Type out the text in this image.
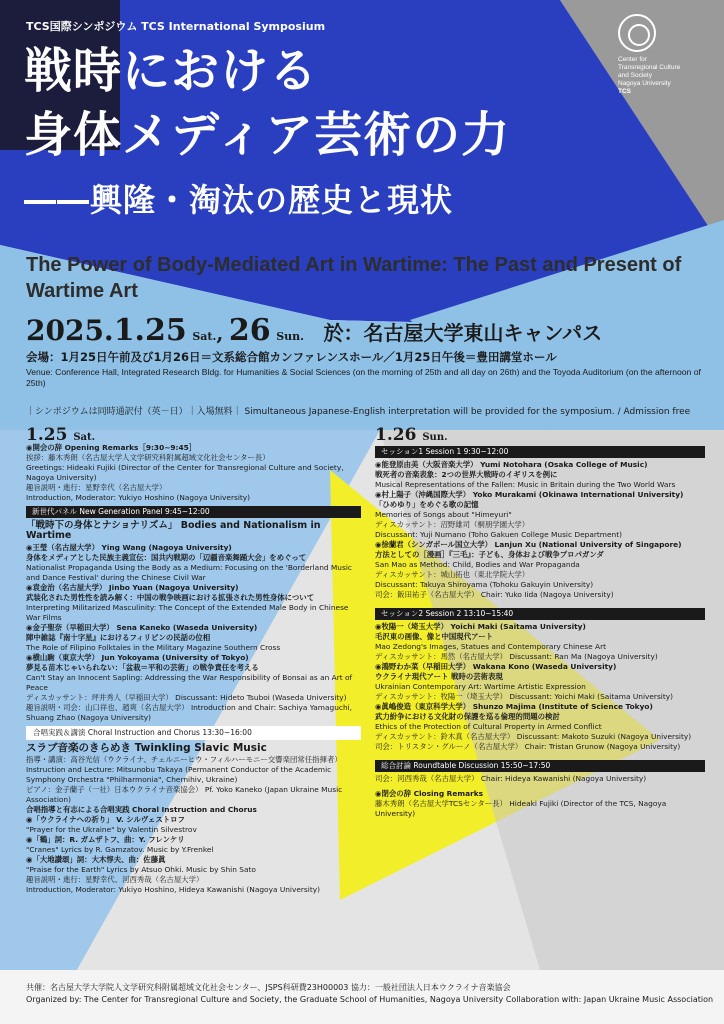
Center for
Transregional Culture
and Society
Nagoya University
TCS
TCS国際シンポジウム TCS International Symposium
戦時における
身体メディア芸術の力
――興隆・淘汰の歴史と現状
The Power of Body-Mediated Art in Wartime: The Past and Present of Wartime Art
2025.1.25 Sat., 26 Sun. 於：名古屋大学東山キャンパス
会場：1月25日午前及び1月26日＝文系総合館カンファレンスホール／1月25日午後＝豊田講堂ホール
Venue: Conference Hall, Integrated Research Bldg. for Humanities & Social Sciences (on the morning of 25th and all day on 26th) and the Toyoda Auditorium (on the afternoon of 25th)
｜シンポジウムは同時通訳付（英－日）｜入場無料｜ Simultaneous Japanese-English interpretation will be provided for the symposium. / Admission free
1.25 Sat.

◉開会の辞 Opening Remarks［9:30~9:45］

挨拶：藤木秀朗（名古屋大学人文学研究科附属超域文化社会センター長）

Greetings: Hideaki Fujiki (Director of the Center for Transregional Culture and Society, Nagoya University)

趣旨説明・進行：星野幸代（名古屋大学）

Introduction, Moderator: Yukiyo Hoshino (Nagoya University)

新世代パネル New Generation Panel 9:45~12:00
「戦時下の身体とナショナリズム」 Bodies and Nationalism in Wartime

◉王瑩（名古屋大学） Ying Wang (Nagoya University)

身体をメディアとした民族主義宣伝：国共内戦期の「辺疆音楽舞踊大会」をめぐって

Nationalist Propaganda Using the Body as a Medium: Focusing on the 'Borderland Music and Dance Festival' during the Chinese Civil War

◉袁金治（名古屋大学） Jinbo Yuan (Nagoya University)

武装化された男性性を読み解く：中国の戦争映画における拡張された男性身体について

Interpreting Militarized Masculinity: The Concept of the Extended Male Body in Chinese War Films

◉金子聖奈（早稲田大学） Sena Kaneko (Waseda University)

陣中雑誌『南十字星』におけるフィリピンの民話の位相

The Role of Filipino Folktales in the Military Magazine Southern Cross

◉横山駒（東京大学） Jun Yokoyama (University of Tokyo)

夢見る苗木じゃいられない：「盆栽＝平和の芸術」の戦争責任を考える

Can't Stay an Innocent Sapling: Addressing the War Responsibility of Bonsai as an Art of Peace

ディスカッサント：坪井秀人（早稲田大学） Discussant: Hideto Tsuboi (Waseda University)

趣旨説明・司会：山口祥也、趙爽（名古屋大学） Introduction and Chair: Sachiya Yamaguchi, Shuang Zhao (Nagoya University)

合唱実践＆講演 Choral Instruction and Chorus 13:30~16:00
スラブ音楽のきらめき Twinkling Slavic Music

指導・講演：高谷光信（ウクライナ、チェルニーヒウ・フィルハーモニー交響楽団常任指揮者）

Instruction and Lecture: Mitsunobu Takaya (Permanent Conductor of the Academic Symphony Orchestra "Philharmonia", Chernihiv, Ukraine)

ピアノ：金子蘭子（一社）日本ウクライナ音楽協会） Pf. Yoko Kaneko (Japan Ukraine Music Association)

合唱指導と有志による合唱実践 Choral Instruction and Chorus

◉「ウクライナへの祈り」 V. シルヴェストロフ

"Prayer for the Ukraine" by Valentin Silvestrov

◉「鶴」詞：R. ガムザトフ、曲：Y. フレンケリ

"Cranes" Lyrics by R. Gamzatov. Music by Y.Frenkel

◉「大地讃頌」詞：大木惇夫、曲：佐藤眞

"Praise for the Earth" Lyrics by Atsuo Ohki. Music by Shin Sato

趣旨説明・進行：星野幸代、河西秀哉（名古屋大学）

Introduction, Moderator: Yukiyo Hoshino, Hideya Kawanishi (Nagoya University)

1.26 Sun.
セッション1 Session 1 9:30~12:00

◉能登原由美（大阪音楽大学） Yumi Notohara (Osaka College of Music)

戦死者の音楽表象：2つの世界大戦時のイギリスを例に

Musical Representations of the Fallen: Music in Britain during the Two World Wars

◉村上陽子（沖縄国際大学） Yoko Murakami (Okinawa International University)

「ひめゆり」をめぐる歌の記憶

Memories of Songs about "Himeyuri"

ディスカッサント：沼野雄司（桐朋学園大学）

Discussant: Yuji Numano (Toho Gakuen College Music Department)

◉徐蘭君（シンガポール国立大学） Lanjun Xu (National University of Singapore)

方法としての［漫画］『三毛』：子ども、身体および戦争プロパガンダ

San Mao as Method: Child, Bodies and War Propaganda

ディスカッサント：城山拓也（東北学院大学）

Discussant: Takuya Shiroyama (Tohoku Gakuyin University)

司会：飯田祐子（名古屋大学） Chair: Yuko Iida (Nagoya University)

セッション2 Session 2 13:10~15:40

◉牧陽一（埼玉大学） Yoichi Maki (Saitama University)

毛沢東の画像、像と中国現代アート

Mao Zedong's Images, Statues and Contemporary Chinese Art

ディスカッサント：馬然（名古屋大学） Discussant: Ran Ma (Nagoya University)

◉鴻野わか菜（早稲田大学） Wakana Kono (Waseda University)

ウクライナ現代アート 戦時の芸術表現

Ukrainian Contemporary Art: Wartime Artistic Expression

ディスカッサント：牧陽一（埼玉大学） Discussant: Yoichi Maki (Saitama University)

◉眞嶋俊造（東京科学大学） Shunzo Majima (Institute of Science Tokyo)

武力紛争における文化財の保護を巡る倫理的問題の検討

Ethics of the Protection of Cultural Property in Armed Conflict

ディスカッサント：鈴木真（名古屋大学） Discussant: Makoto Suzuki (Nagoya University)

司会：トリスタン・グルーノ（名古屋大学） Chair: Tristan Grunow (Nagoya University)

総合討論 Roundtable Discussion 15:50~17:50

司会：河西秀哉（名古屋大学） Chair: Hideya Kawanishi (Nagoya University)

◉閉会の辞 Closing Remarks

藤木秀朗（名古屋大学TCSセンター長） Hideaki Fujiki (Director of the TCS, Nagoya University)

共催：名古屋大学大学院人文学研究科附属超域文化社会センター、JSPS科研費23H00003 協力：一般社団法人日本ウクライナ音楽協会
Organized by: The Center for Transregional Culture and Society, the Graduate School of Humanities, Nagoya University Collaboration with: Japan Ukraine Music Association
